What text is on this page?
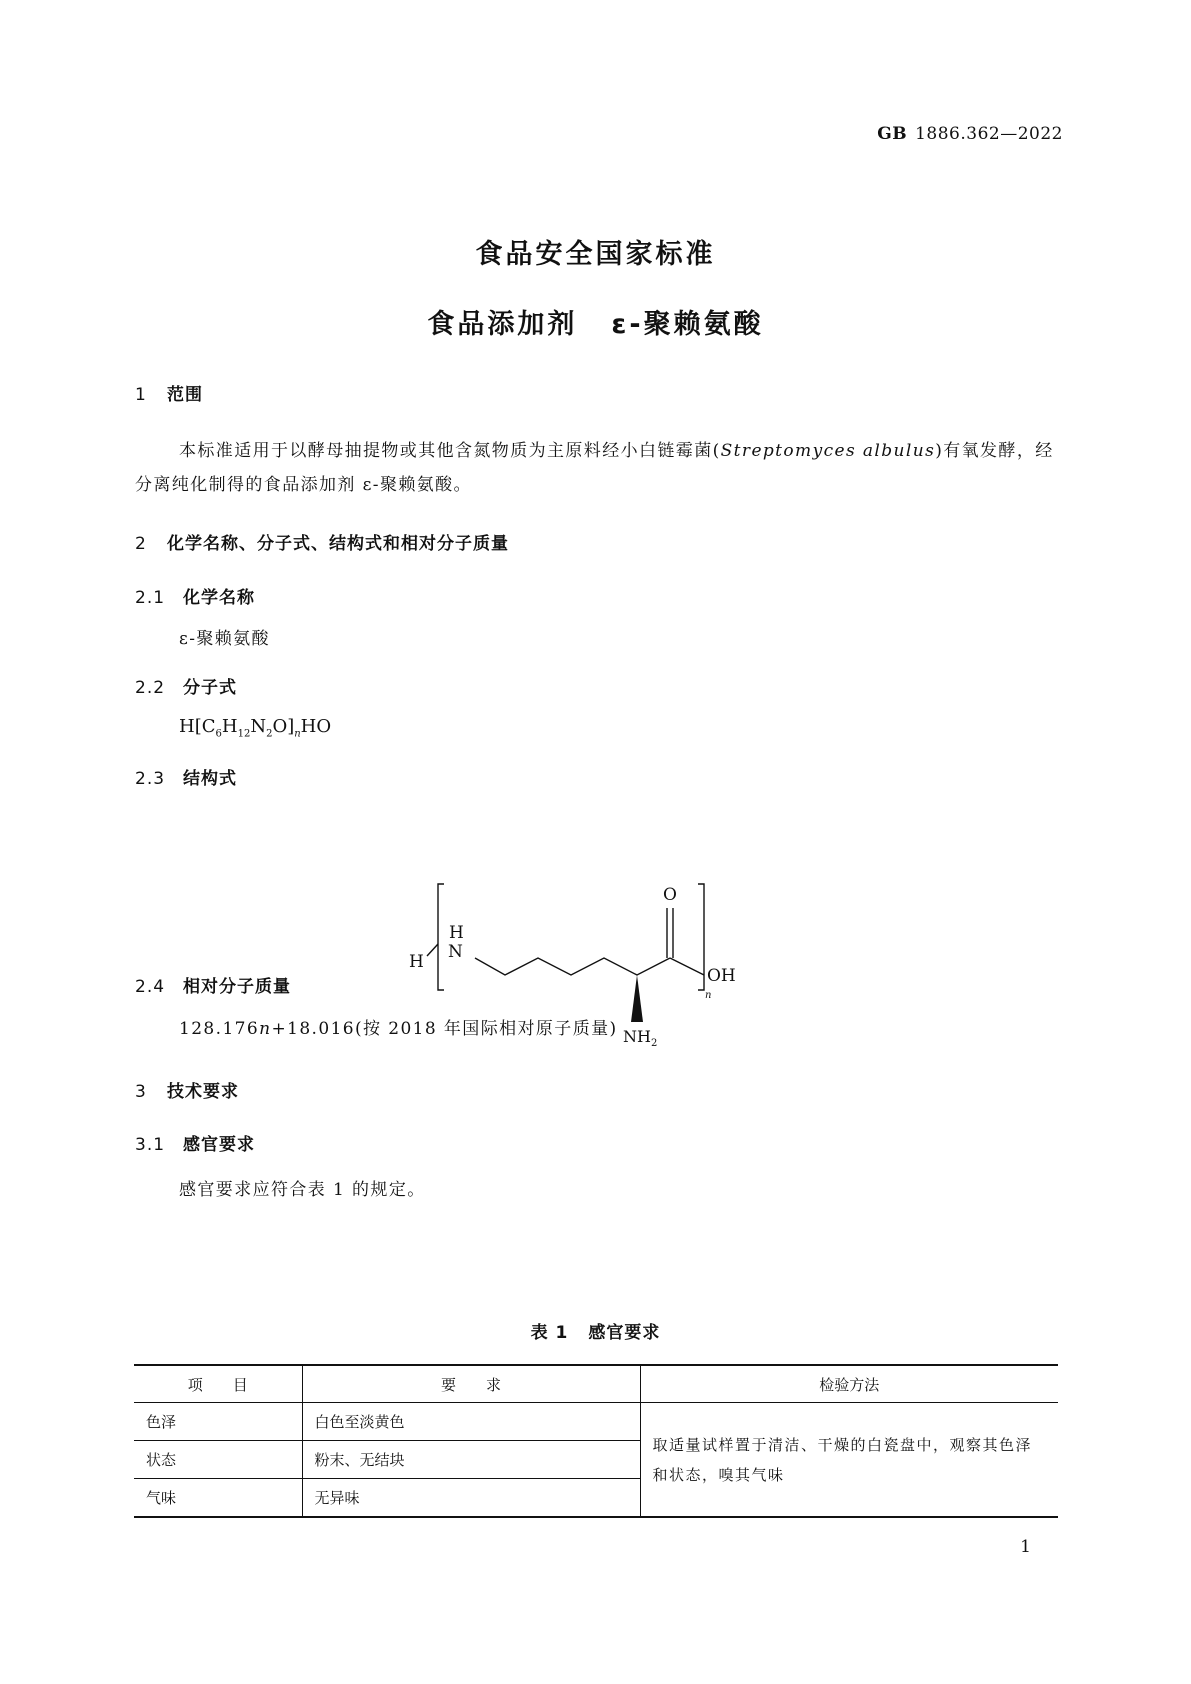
GB 1886.362—2022
食品安全国家标准
食品添加剂 ε-聚赖氨酸
1 范围
本标准适用于以酵母抽提物或其他含氮物质为主原料经小白链霉菌(Streptomyces albulus)有氧发酵，经分离纯化制得的食品添加剂 ε-聚赖氨酸。
2 化学名称、分子式、结构式和相对分子质量
2.1 化学名称
ε-聚赖氨酸
2.2 分子式
$H[C_6H_{12}N_2O]_nHO$
2.3 结构式
H
H
N
O
OH
n
$NH_2$
2.4 相对分子质量
128.176n+18.016(按 2018 年国际相对原子质量)
3 技术要求
3.1 感官要求
感官要求应符合表 1 的规定。
表 1 感官要求
项　　目	要　　求	检验方法
色泽	白色至淡黄色	取适量试样置于清洁、干燥的白瓷盘中，观察其色泽和状态，嗅其气味
状态	粉末、无结块	
气味	无异味	
1
